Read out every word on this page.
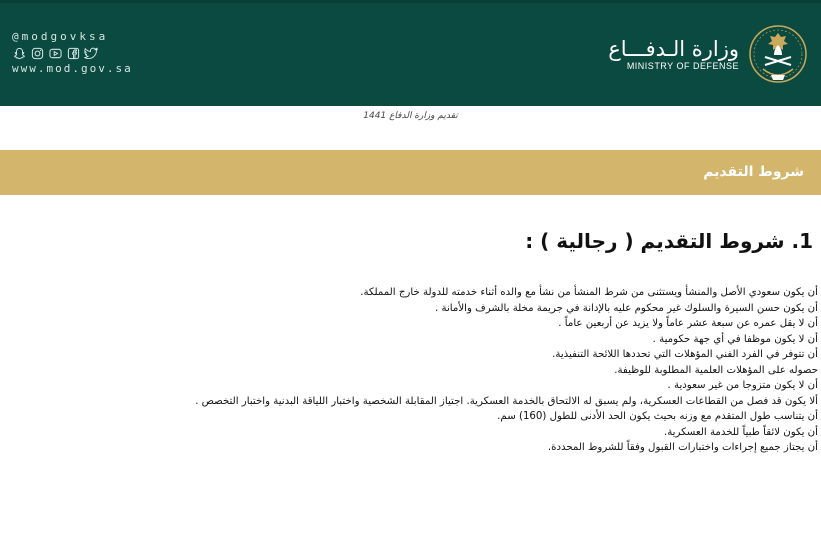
@modgovksa
www.mod.gov.sa
وزارة الـدفـــاع
MINISTRY OF DEFENSE
تقديم وزارة الدفاع 1441
شروط التقديم
1. شروط التقديم ( رجالية ) :
أن يكون سعودي الأصل والمنشأ ويستثنى من شرط المنشأ من نشأ مع والده أثناء خدمته للدولة خارج المملكة.
أن يكون حسن السيرة والسلوك غير محكوم عليه بالإدانة في جريمة مخلة بالشرف والأمانة .
أن لا يقل عمره عن سبعة عشر عاماً ولا يزيد عن أربعين عاماً .
أن لا يكون موظفا في أي جهة حكومية .
أن تتوفر في الفرد الفني المؤهلات التي تحددها اللائحة التنفيذية.
حصوله على المؤهلات العلمية المطلوبة للوظيفة.
أن لا يكون متزوجا من غير سعودية .
ألا يكون قد فصل من القطاعات العسكرية، ولم يسبق له الالتحاق بالخدمة العسكرية. اجتياز المقابلة الشخصية واختبار اللياقة البدنية واختبار التخصص .
أن يتناسب طول المتقدم مع وزنه بحيث يكون الحد الأدنى للطول (160) سم.
أن يكون لائقاً طبياً للخدمة العسكرية.
أن يجتاز جميع إجراءات واختبارات القبول وفقاً للشروط المحددة.
